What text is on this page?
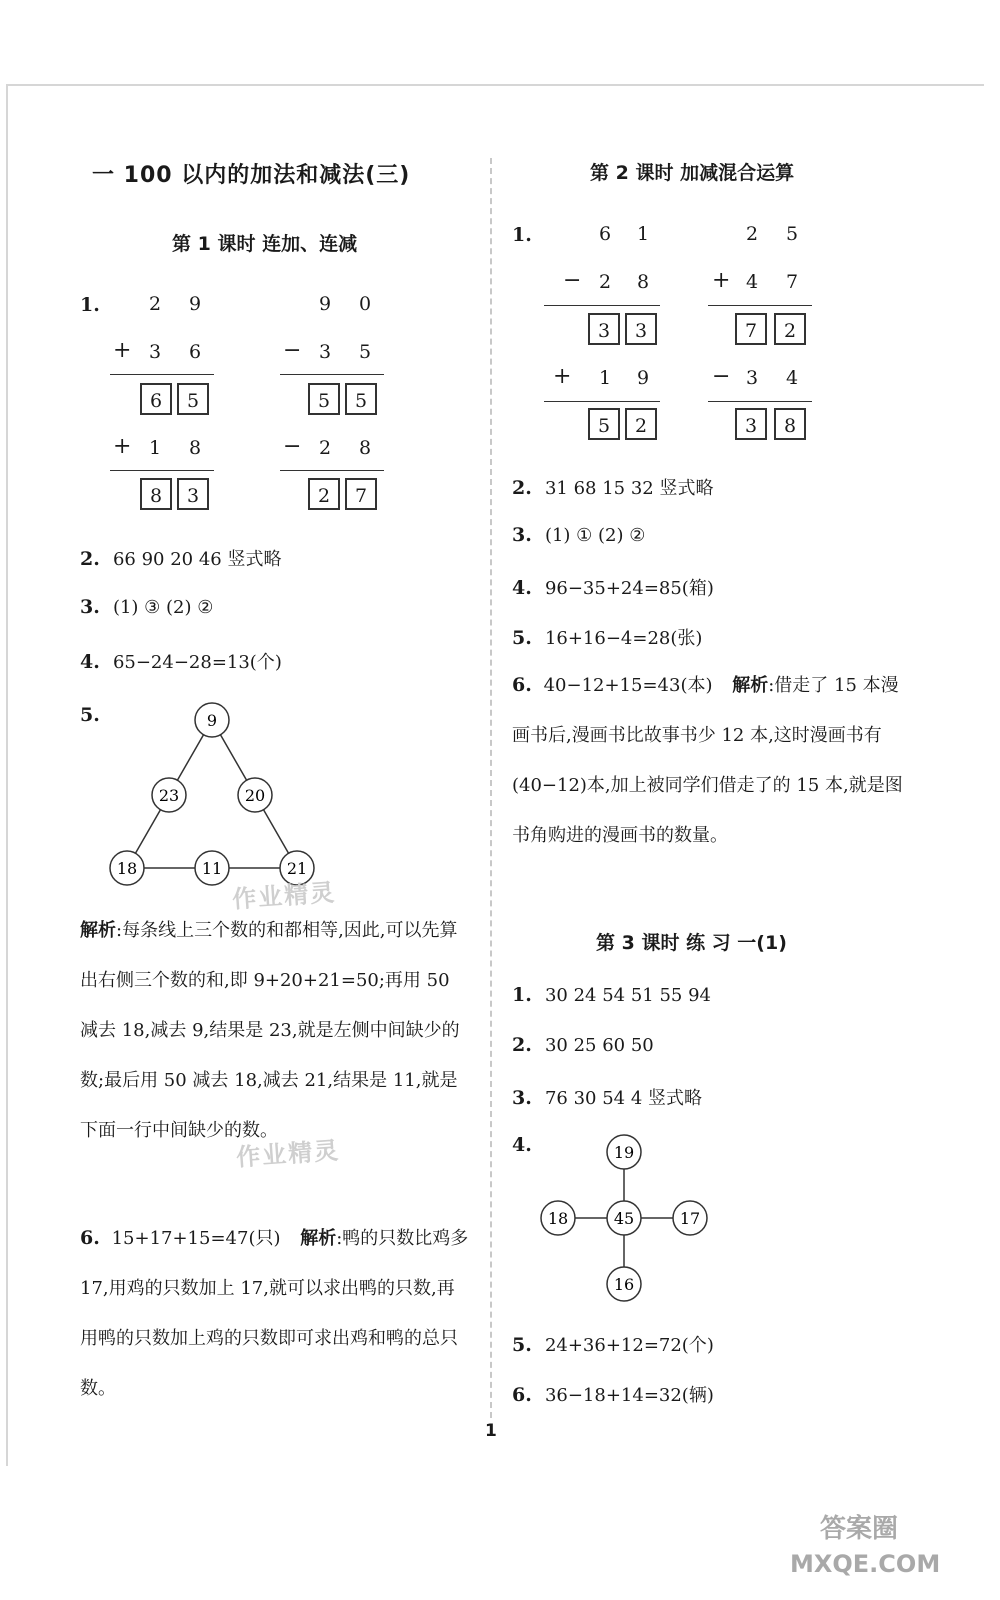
一 100 以内的加法和减法(三)
第 1 课时 连加、连减
1.	2	9
+ 3	6
6	5
+ 1	8
8	3
9	0
− 3	5
5	5
− 2	8
2	7
2. 66 90 20 46 竖式略
3. (1) ③ (2) ②
4. 65−24−28=13(个)
5.	9
23	20
18	11	21
解析:每条线上三个数的和都相等,因此,可以先算出右侧三个数的和,即 9+20+21=50;再用 50 减去 18,减去 9,结果是 23,就是左侧中间缺少的数;最后用 50 减去 18,减去 21,结果是 11,就是下面一行中间缺少的数。
6. 15+17+15=47(只) 解析:鸭的只数比鸡多 17,用鸡的只数加上 17,就可以求出鸭的只数,再用鸭的只数加上鸡的只数即可求出鸡和鸭的总只数。
第 2 课时 加减混合运算
1.	6	1
− 2	8
3	3
+	1	9
5	2
2	5
+ 4	7
7	2
− 3	4
3	8
2. 31 68 15 32 竖式略
3. (1) ① (2) ②
4. 96−35+24=85(箱)
5. 16+16−4=28(张)
6. 40−12+15=43(本) 解析:借走了 15 本漫画书后,漫画书比故事书少 12 本,这时漫画书有(40−12)本,加上被同学们借走了的 15 本,就是图书角购进的漫画书的数量。
第 3 课时 练 习 一(1)
1. 30 24 54 51 55 94
2. 30 25 60 50
3. 76 30 54 4 竖式略
4.	19
18	45	17
16
5. 24+36+12=72(个)
6. 36−18+14=32(辆)
1
作业精灵
作业精灵
答案圈
MXQE.COM
